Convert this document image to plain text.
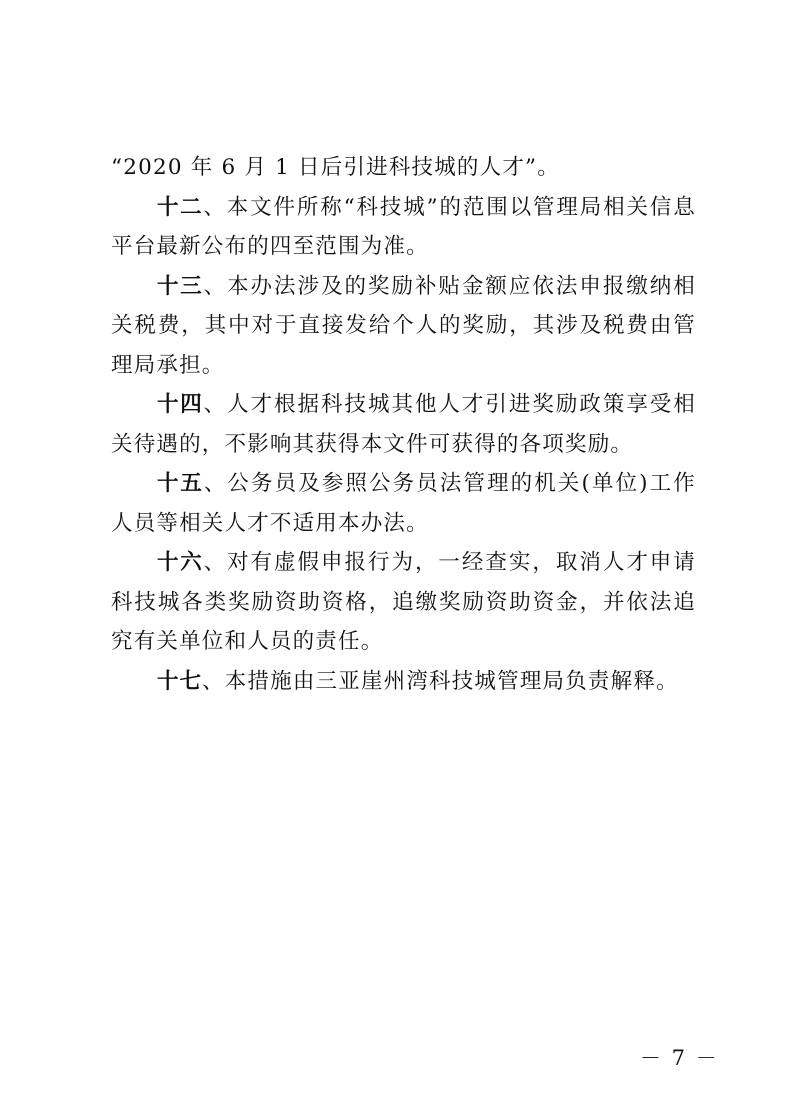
“2020 年 6 月 1 日后引进科技城的人才”。

十二、本文件所称“科技城”的范围以管理局相关信息平台最新公布的四至范围为准。

十三、本办法涉及的奖励补贴金额应依法申报缴纳相关税费，其中对于直接发给个人的奖励，其涉及税费由管理局承担。

十四、人才根据科技城其他人才引进奖励政策享受相关待遇的，不影响其获得本文件可获得的各项奖励。

十五、公务员及参照公务员法管理的机关(单位)工作人员等相关人才不适用本办法。

十六、对有虚假申报行为，一经查实，取消人才申请科技城各类奖励资助资格，追缴奖励资助资金，并依法追究有关单位和人员的责任。

十七、本措施由三亚崖州湾科技城管理局负责解释。

－ 7 －
